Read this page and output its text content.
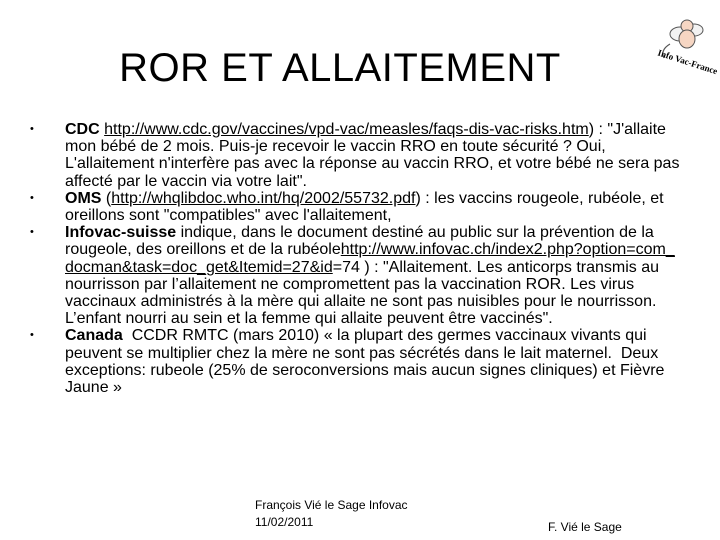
ROR ET ALLAITEMENT	Info Vac-France
•	CDC http://www.cdc.gov/vaccines/vpd-vac/measles/faqs-dis-vac-risks.htm) : "J'allaite mon bébé de 2 mois. Puis-je recevoir le vaccin RRO en toute sécurité ? Oui, L'allaitement n'interfère pas avec la réponse au vaccin RRO, et votre bébé ne sera pas affecté par le vaccin via votre lait".
•	OMS (http://whqlibdoc.who.int/hq/2002/55732.pdf) : les vaccins rougeole, rubéole, et oreillons sont "compatibles" avec l'allaitement,
•	Infovac-suisse indique, dans le document destiné au public sur la prévention de la rougeole, des oreillons et de la rubéolehttp://www.infovac.ch/index2.php?option=com_docman&task=doc_get&Itemid=27&id=74 ) : "Allaitement. Les anticorps transmis au nourrisson par l’allaitement ne compromettent pas la vaccination ROR. Les virus vaccinaux administrés à la mère qui allaite ne sont pas nuisibles pour le nourrisson. L’enfant nourri au sein et la femme qui allaite peuvent être vaccinés".
•	Canada  CCDR RMTC (mars 2010) « la plupart des germes vaccinaux vivants qui peuvent se multiplier chez la mère ne sont pas sécrétés dans le lait maternel.  Deux exceptions: rubeole (25% de seroconversions mais aucun signes cliniques) et Fièvre Jaune »
François Vié le Sage Infovac
11/02/2011	F. Vié le Sage
